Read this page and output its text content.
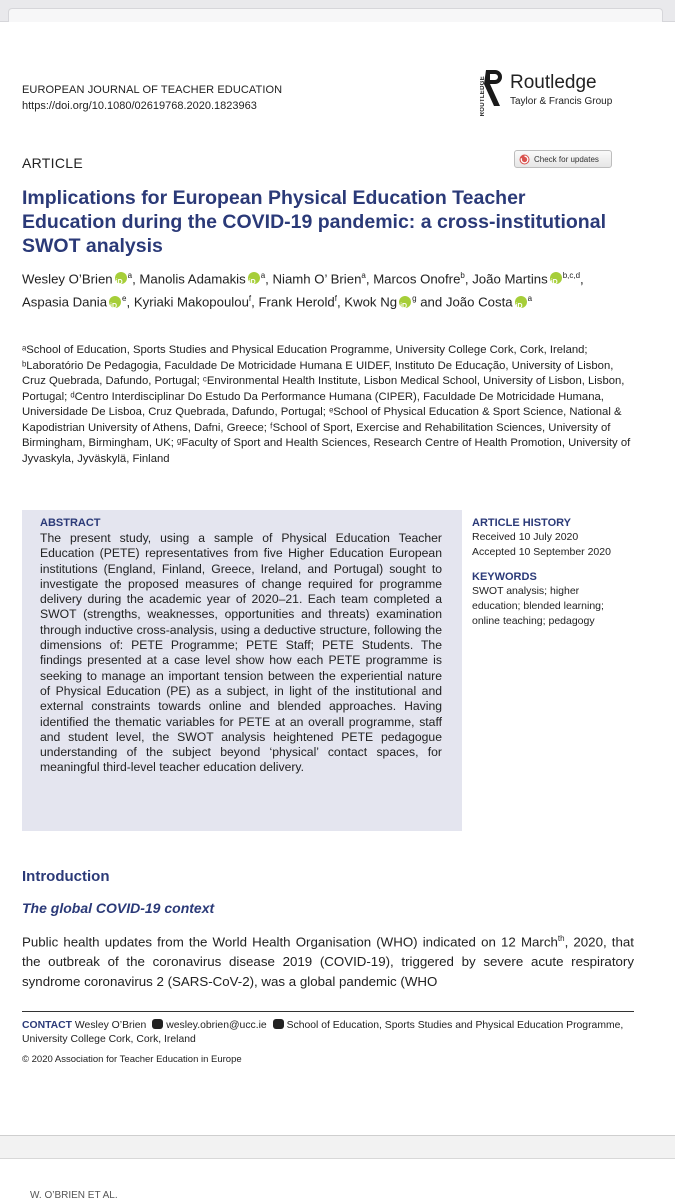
EUROPEAN JOURNAL OF TEACHER EDUCATION
https://doi.org/10.1080/02619768.2020.1823963	ROUTLEDGE Routledge
Taylor & Francis Group
ARTICLE	Check for updates
Implications for European Physical Education Teacher Education during the COVID-19 pandemic: a cross-institutional SWOT analysis
Wesley O’Brien iD $^a$, Manolis Adamakis iD $^a$, Niamh O’ Brien$^a$, Marcos Onofre$^b$, João MartinsiD $^{b,c,d}$, Aspasia Dania iD $^e$, Kyriaki Makopoulou$^f$, Frank Herold$^f$, Kwok Ng iD $^g$ and João Costa iD $^a$
ᵃSchool of Education, Sports Studies and Physical Education Programme, University College Cork, Cork, Ireland; ᵇLaboratório De Pedagogia, Faculdade De Motricidade Humana E UIDEF, Instituto De Educação, University of Lisbon, Cruz Quebrada, Dafundo, Portugal; ᶜEnvironmental Health Institute, Lisbon Medical School, University of Lisbon, Lisbon, Portugal; ᵈCentro Interdisciplinar Do Estudo Da Performance Humana (CIPER), Faculdade De Motricidade Humana, Universidade De Lisboa, Cruz Quebrada, Dafundo, Portugal; ᵉSchool of Physical Education & Sport Science, National & Kapodistrian University of Athens, Dafni, Greece; ᶠSchool of Sport, Exercise and Rehabilitation Sciences, University of Birmingham, Birmingham, UK; ᵍFaculty of Sport and Health Sciences, Research Centre of Health Promotion, University of Jyvaskyla, Jyväskylä, Finland
ABSTRACT
The present study, using a sample of Physical Education Teacher Education (PETE) representatives from five Higher Education European institutions (England, Finland, Greece, Ireland, and Portugal) sought to investigate the proposed measures of change required for programme delivery during the academic year of 2020–21. Each team completed a SWOT (strengths, weaknesses, opportunities and threats) examination through inductive cross-analysis, using a deductive structure, following the dimensions of: PETE Programme; PETE Staff; PETE Students. The findings presented at a case level show how each PETE programme is seeking to manage an important tension between the experiential nature of Physical Education (PE) as a subject, in light of the institutional and external constraints towards online and blended approaches. Having identified the thematic variables for PETE at an overall programme, staff and student level, the SWOT analysis heightened PETE pedagogue understanding of the subject beyond ‘physical’ contact spaces, for meaningful third-level teacher education delivery.
ARTICLE HISTORY
Received 10 July 2020
Accepted 10 September 2020
KEYWORDS
SWOT analysis; higher education; blended learning; online teaching; pedagogy
Introduction
The global COVID-19 context
Public health updates from the World Health Organisation (WHO) indicated on 12 March$^{th}$, 2020, that the outbreak of the coronavirus disease 2019 (COVID-19), triggered by severe acute respiratory syndrome coronavirus 2 (SARS-CoV-2), was a global pandemic (WHO
CONTACT Wesley O’Brien wesley.obrien@ucc.ie School of Education, Sports Studies and Physical Education Programme, University College Cork, Cork, Ireland
© 2020 Association for Teacher Education in Europe
W. O’BRIEN ET AL.
